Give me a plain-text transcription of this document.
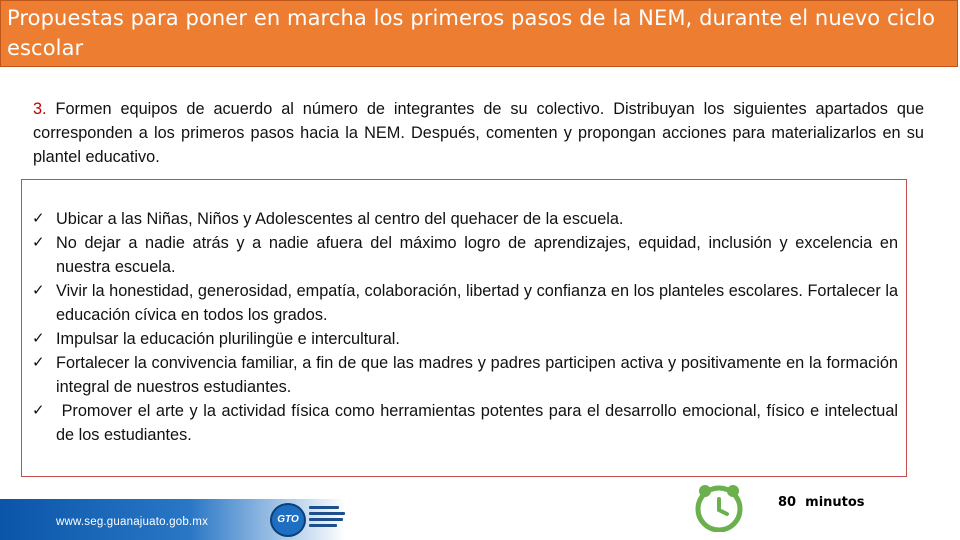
Propuestas para poner en marcha los primeros pasos de la NEM, durante el nuevo ciclo escolar
3. Formen equipos de acuerdo al número de integrantes de su colectivo. Distribuyan los siguientes apartados que corresponden a los primeros pasos hacia la NEM. Después, comenten y propongan acciones para materializarlos en su plantel educativo.
✓ Ubicar a las Niñas, Niños y Adolescentes al centro del quehacer de la escuela.
✓ No dejar a nadie atrás y a nadie afuera del máximo logro de aprendizajes, equidad, inclusión y excelencia en nuestra escuela.
✓ Vivir la honestidad, generosidad, empatía, colaboración, libertad y confianza en los planteles escolares. Fortalecer la educación cívica en todos los grados.
✓ Impulsar la educación plurilingüe e intercultural.
✓ Fortalecer la convivencia familiar, a fin de que las madres y padres participen activa y positivamente en la formación integral de nuestros estudiantes.
✓ Promover el arte y la actividad física como herramientas potentes para el desarrollo emocional, físico e intelectual de los estudiantes.
www.seg.guanajuato.gob.mx	GTO
80  minutos
